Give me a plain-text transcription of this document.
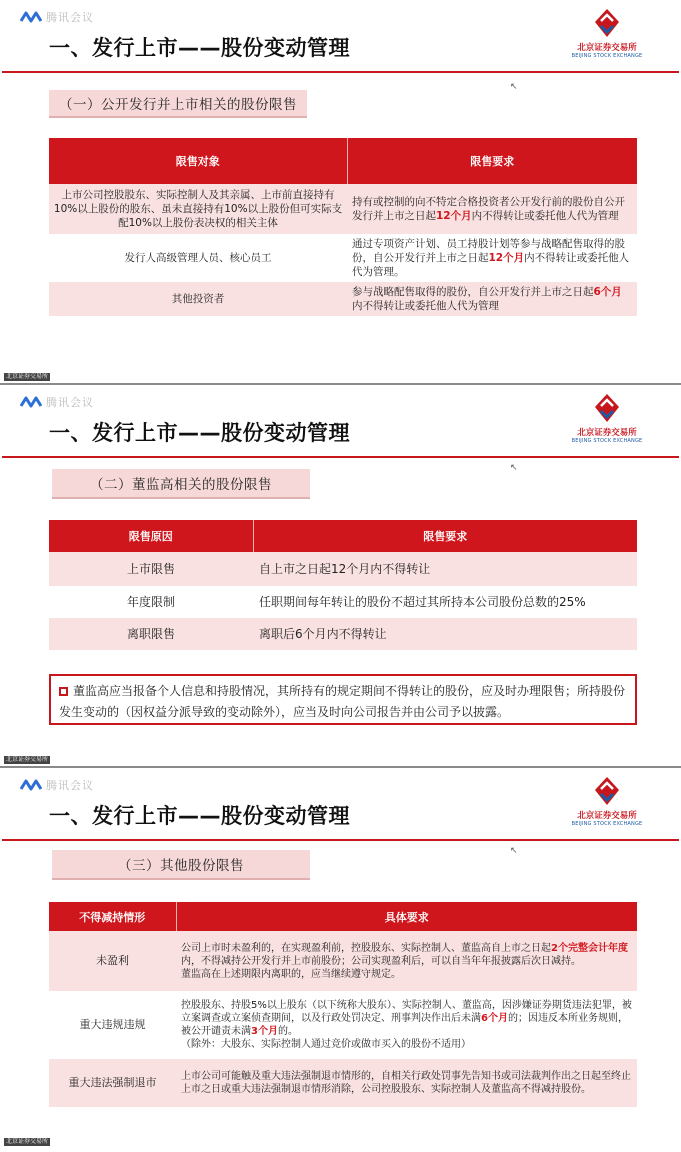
腾讯会议
一、发行上市——股份变动管理	北京证券交易所
BEIJING STOCK EXCHANGE
↖
（一）公开发行并上市相关的股份限售
限售对象	限售要求
上市公司控股股东、实际控制人及其亲属、上市前直接持有10%以上股份的股东、虽未直接持有10%以上股份但可实际支配10%以上股份表决权的相关主体	持有或控制的向不特定合格投资者公开发行前的股份自公开发行并上市之日起12个月内不得转让或委托他人代为管理
发行人高级管理人员、核心员工	通过专项资产计划、员工持股计划等参与战略配售取得的股份，自公开发行并上市之日起12个月内不得转让或委托他人代为管理。
其他投资者	参与战略配售取得的股份，自公开发行并上市之日起6个月内不得转让或委托他人代为管理
北京证券交易所
腾讯会议
一、发行上市——股份变动管理	北京证券交易所
BEIJING STOCK EXCHANGE
↖
（二）董监高相关的股份限售
限售原因	限售要求
上市限售	自上市之日起12个月内不得转让
年度限制	任职期间每年转让的股份不超过其所持本公司股份总数的25%
离职限售	离职后6个月内不得转让
董监高应当报备个人信息和持股情况，其所持有的规定期间不得转让的股份，应及时办理限售；所持股份发生变动的（因权益分派导致的变动除外），应当及时向公司报告并由公司予以披露。
北京证券交易所
腾讯会议
一、发行上市——股份变动管理	北京证券交易所
BEIJING STOCK EXCHANGE
↖
（三）其他股份限售
不得减持情形	具体要求
未盈利	公司上市时未盈利的，在实现盈利前，控股股东、实际控制人、董监高自上市之日起2个完整会计年度内，不得减持公开发行并上市前股份；公司实现盈利后，可以自当年年报披露后次日减持。
董监高在上述期限内离职的，应当继续遵守规定。
重大违规违规	控股股东、持股5%以上股东（以下统称大股东）、实际控制人、董监高，因涉嫌证券期货违法犯罪，被立案调查或立案侦查期间，以及行政处罚决定、刑事判决作出后未满6个月的；因违反本所业务规则，被公开谴责未满3个月的。
（除外：大股东、实际控制人通过竞价或做市买入的股份不适用）
重大违法强制退市	上市公司可能触及重大违法强制退市情形的，自相关行政处罚事先告知书或司法裁判作出之日起至终止上市之日或重大违法强制退市情形消除，公司控股股东、实际控制人及董监高不得减持股份。
北京证券交易所
